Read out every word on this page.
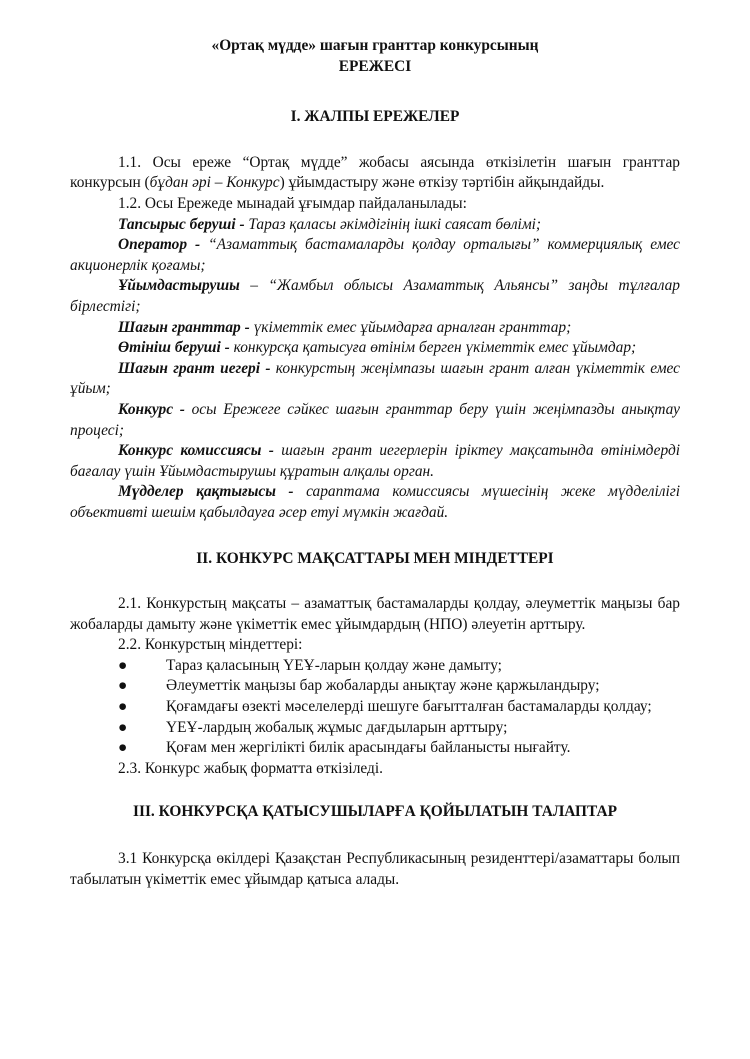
«Ортақ мүдде» шағын гранттар конкурсының

ЕРЕЖЕСІ

І. ЖАЛПЫ ЕРЕЖЕЛЕР

1.1. Осы ереже “Ортақ мүдде” жобасы аясында өткізілетін шағын гранттар конкурсын (бұдан әрі – Конкурс) ұйымдастыру және өткізу тәртібін айқындайды.

1.2. Осы Ережеде мынадай ұғымдар пайдаланылады:

Тапсырыс беруші - Тараз қаласы әкімдігінің ішкі саясат бөлімі;

Оператор - “Азаматтық бастамаларды қолдау орталығы” коммерциялық емес акционерлік қоғамы;

Ұйымдастырушы – “Жамбыл облысы Азаматтық Альянсы” заңды тұлғалар бірлестігі;

Шағын гранттар - үкіметтік емес ұйымдарға арналған гранттар;

Өтініш беруші - конкурсқа қатысуға өтінім берген үкіметтік емес ұйымдар;

Шағын грант иегері - конкурстың жеңімпазы шағын грант алған үкіметтік емес ұйым;

Конкурс - осы Ережеге сәйкес шағын гранттар беру үшін жеңімпазды анықтау процесі;

Конкурс комиссиясы - шағын грант иегерлерін іріктеу мақсатында өтінімдерді бағалау үшін Ұйымдастырушы құратын алқалы орган.

Мүдделер қақтығысы - сараптама комиссиясы мүшесінің жеке мүдделілігі объективті шешім қабылдауға әсер етуі мүмкін жағдай.

ІІ. КОНКУРС МАҚСАТТАРЫ МЕН МІНДЕТТЕРІ

2.1. Конкурстың мақсаты – азаматтық бастамаларды қолдау, әлеуметтік маңызы бар жобаларды дамыту және үкіметтік емес ұйымдардың (НПО) әлеуетін арттыру.

2.2. Конкурстың міндеттері:

●	Тараз қаласының ҮЕҰ-ларын қолдау және дамыту;
●	Әлеуметтік маңызы бар жобаларды анықтау және қаржыландыру;

●	Қоғамдағы өзекті мәселелерді шешуге бағытталған бастамаларды қолдау;

●	ҮЕҰ-лардың жобалық жұмыс дағдыларын арттыру;
●	Қоғам мен жергілікті билік арасындағы байланысты нығайту.

2.3. Конкурс жабық форматта өткізіледі.

ІІІ. КОНКУРСҚА ҚАТЫСУШЫЛАРҒА ҚОЙЫЛАТЫН ТАЛАПТАР

3.1 Конкурсқа өкілдері Қазақстан Республикасының резиденттері/азаматтары болып табылатын үкіметтік емес ұйымдар қатыса алады.
